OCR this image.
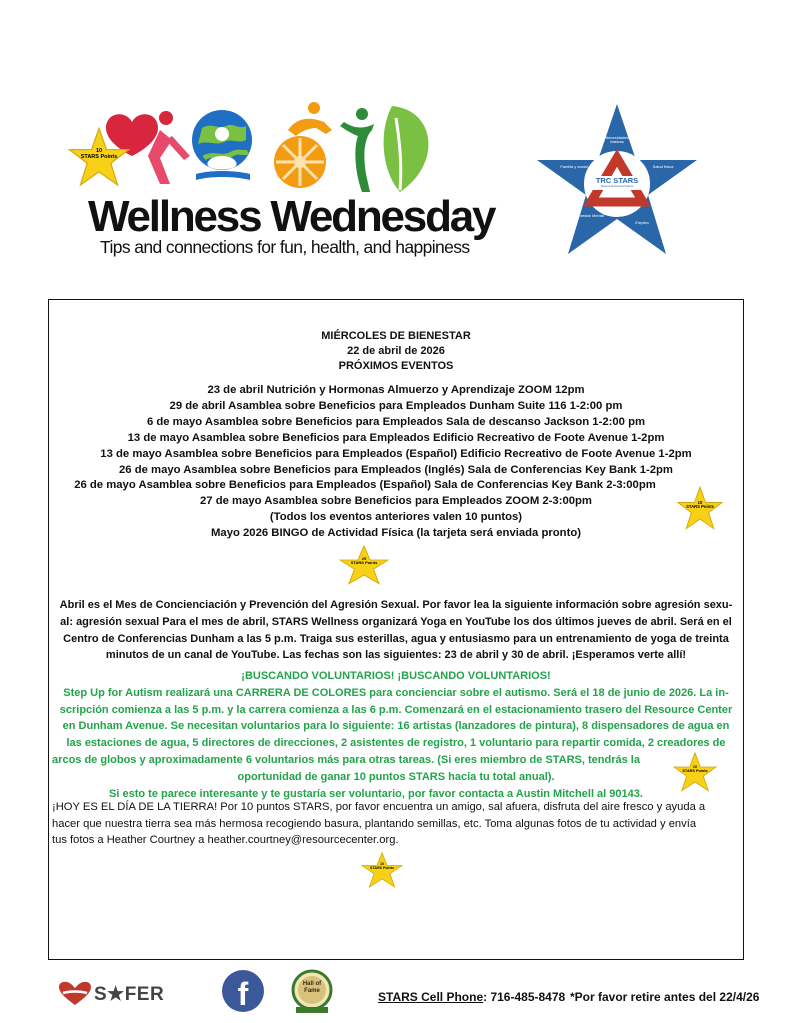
Wellness Wednesday
Tips and connections for fun, health, and happiness
10
STARS Points
TRC STARS
Sistema de Reconocimiento
Necesidades básicas
Salud física
Empleo
Bienestar Mental
Familia y social
MIÉRCOLES DE BIENESTAR
22 de abril de 2026
PRÓXIMOS EVENTOS
23 de abril Nutrición y Hormonas Almuerzo y Aprendizaje ZOOM 12pm
29 de abril Asamblea sobre Beneficios para Empleados Dunham Suite 116 1-2:00 pm
6 de mayo Asamblea sobre Beneficios para Empleados Sala de descanso Jackson 1-2:00 pm
13 de mayo Asamblea sobre Beneficios para Empleados Edificio Recreativo de Foote Avenue 1-2pm
13 de mayo Asamblea sobre Beneficios para Empleados (Español) Edificio Recreativo de Foote Avenue 1-2pm
26 de mayo Asamblea sobre Beneficios para Empleados (Inglés) Sala de Conferencias Key Bank 1-2pm
26 de mayo Asamblea sobre Beneficios para Empleados (Español) Sala de Conferencias Key Bank 2-3:00pm
27 de mayo Asamblea sobre Beneficios para Empleados ZOOM 2-3:00pm
(Todos los eventos anteriores valen 10 puntos)
Mayo 2026 BINGO de Actividad Física (la tarjeta será enviada pronto)
10
STARS Points
25
STARS Points
Abril es el Mes de Concienciación y Prevención del Agresión Sexual. Por favor lea la siguiente información sobre agresión sexu-
al: agresión sexual Para el mes de abril, STARS Wellness organizará Yoga en YouTube los dos últimos jueves de abril. Será en el
Centro de Conferencias Dunham a las 5 p.m. Traiga sus esterillas, agua y entusiasmo para un entrenamiento de yoga de treinta
minutos de un canal de YouTube. Las fechas son las siguientes: 23 de abril y 30 de abril. ¡Esperamos verte allí!
¡BUSCANDO VOLUNTARIOS! ¡BUSCANDO VOLUNTARIOS!
Step Up for Autism realizará una CARRERA DE COLORES para concienciar sobre el autismo. Será el 18 de junio de 2026. La in-
scripción comienza a las 5 p.m. y la carrera comienza a las 6 p.m. Comenzará en el estacionamiento trasero del Resource Center
en Dunham Avenue. Se necesitan voluntarios para lo siguiente: 16 artistas (lanzadores de pintura), 8 dispensadores de agua en
las estaciones de agua, 5 directores de direcciones, 2 asistentes de registro, 1 voluntario para repartir comida, 2 creadores de
arcos de globos y aproximadamente 6 voluntarios más para otras tareas. (Si eres miembro de STARS, tendrás la
oportunidad de ganar 10 puntos STARS hacia tu total anual).
Si esto te parece interesante y te gustaría ser voluntario, por favor contacta a Austin Mitchell al 90143.
10
STARS Points
¡HOY ES EL DÍA DE LA TIERRA! Por 10 puntos STARS, por favor encuentra un amigo, sal afuera, disfruta del aire fresco y ayuda a
hacer que nuestra tierra sea más hermosa recogiendo basura, plantando semillas, etc. Toma algunas fotos de tu actividad y envía
tus fotos a Heather Courtney a heather.courtney@resourcecenter.org.
10
STARS Points
S★FER	f	Hall of Fame	STARS Cell Phone: 716-485-8478 *Por favor retire antes del 22/4/26
